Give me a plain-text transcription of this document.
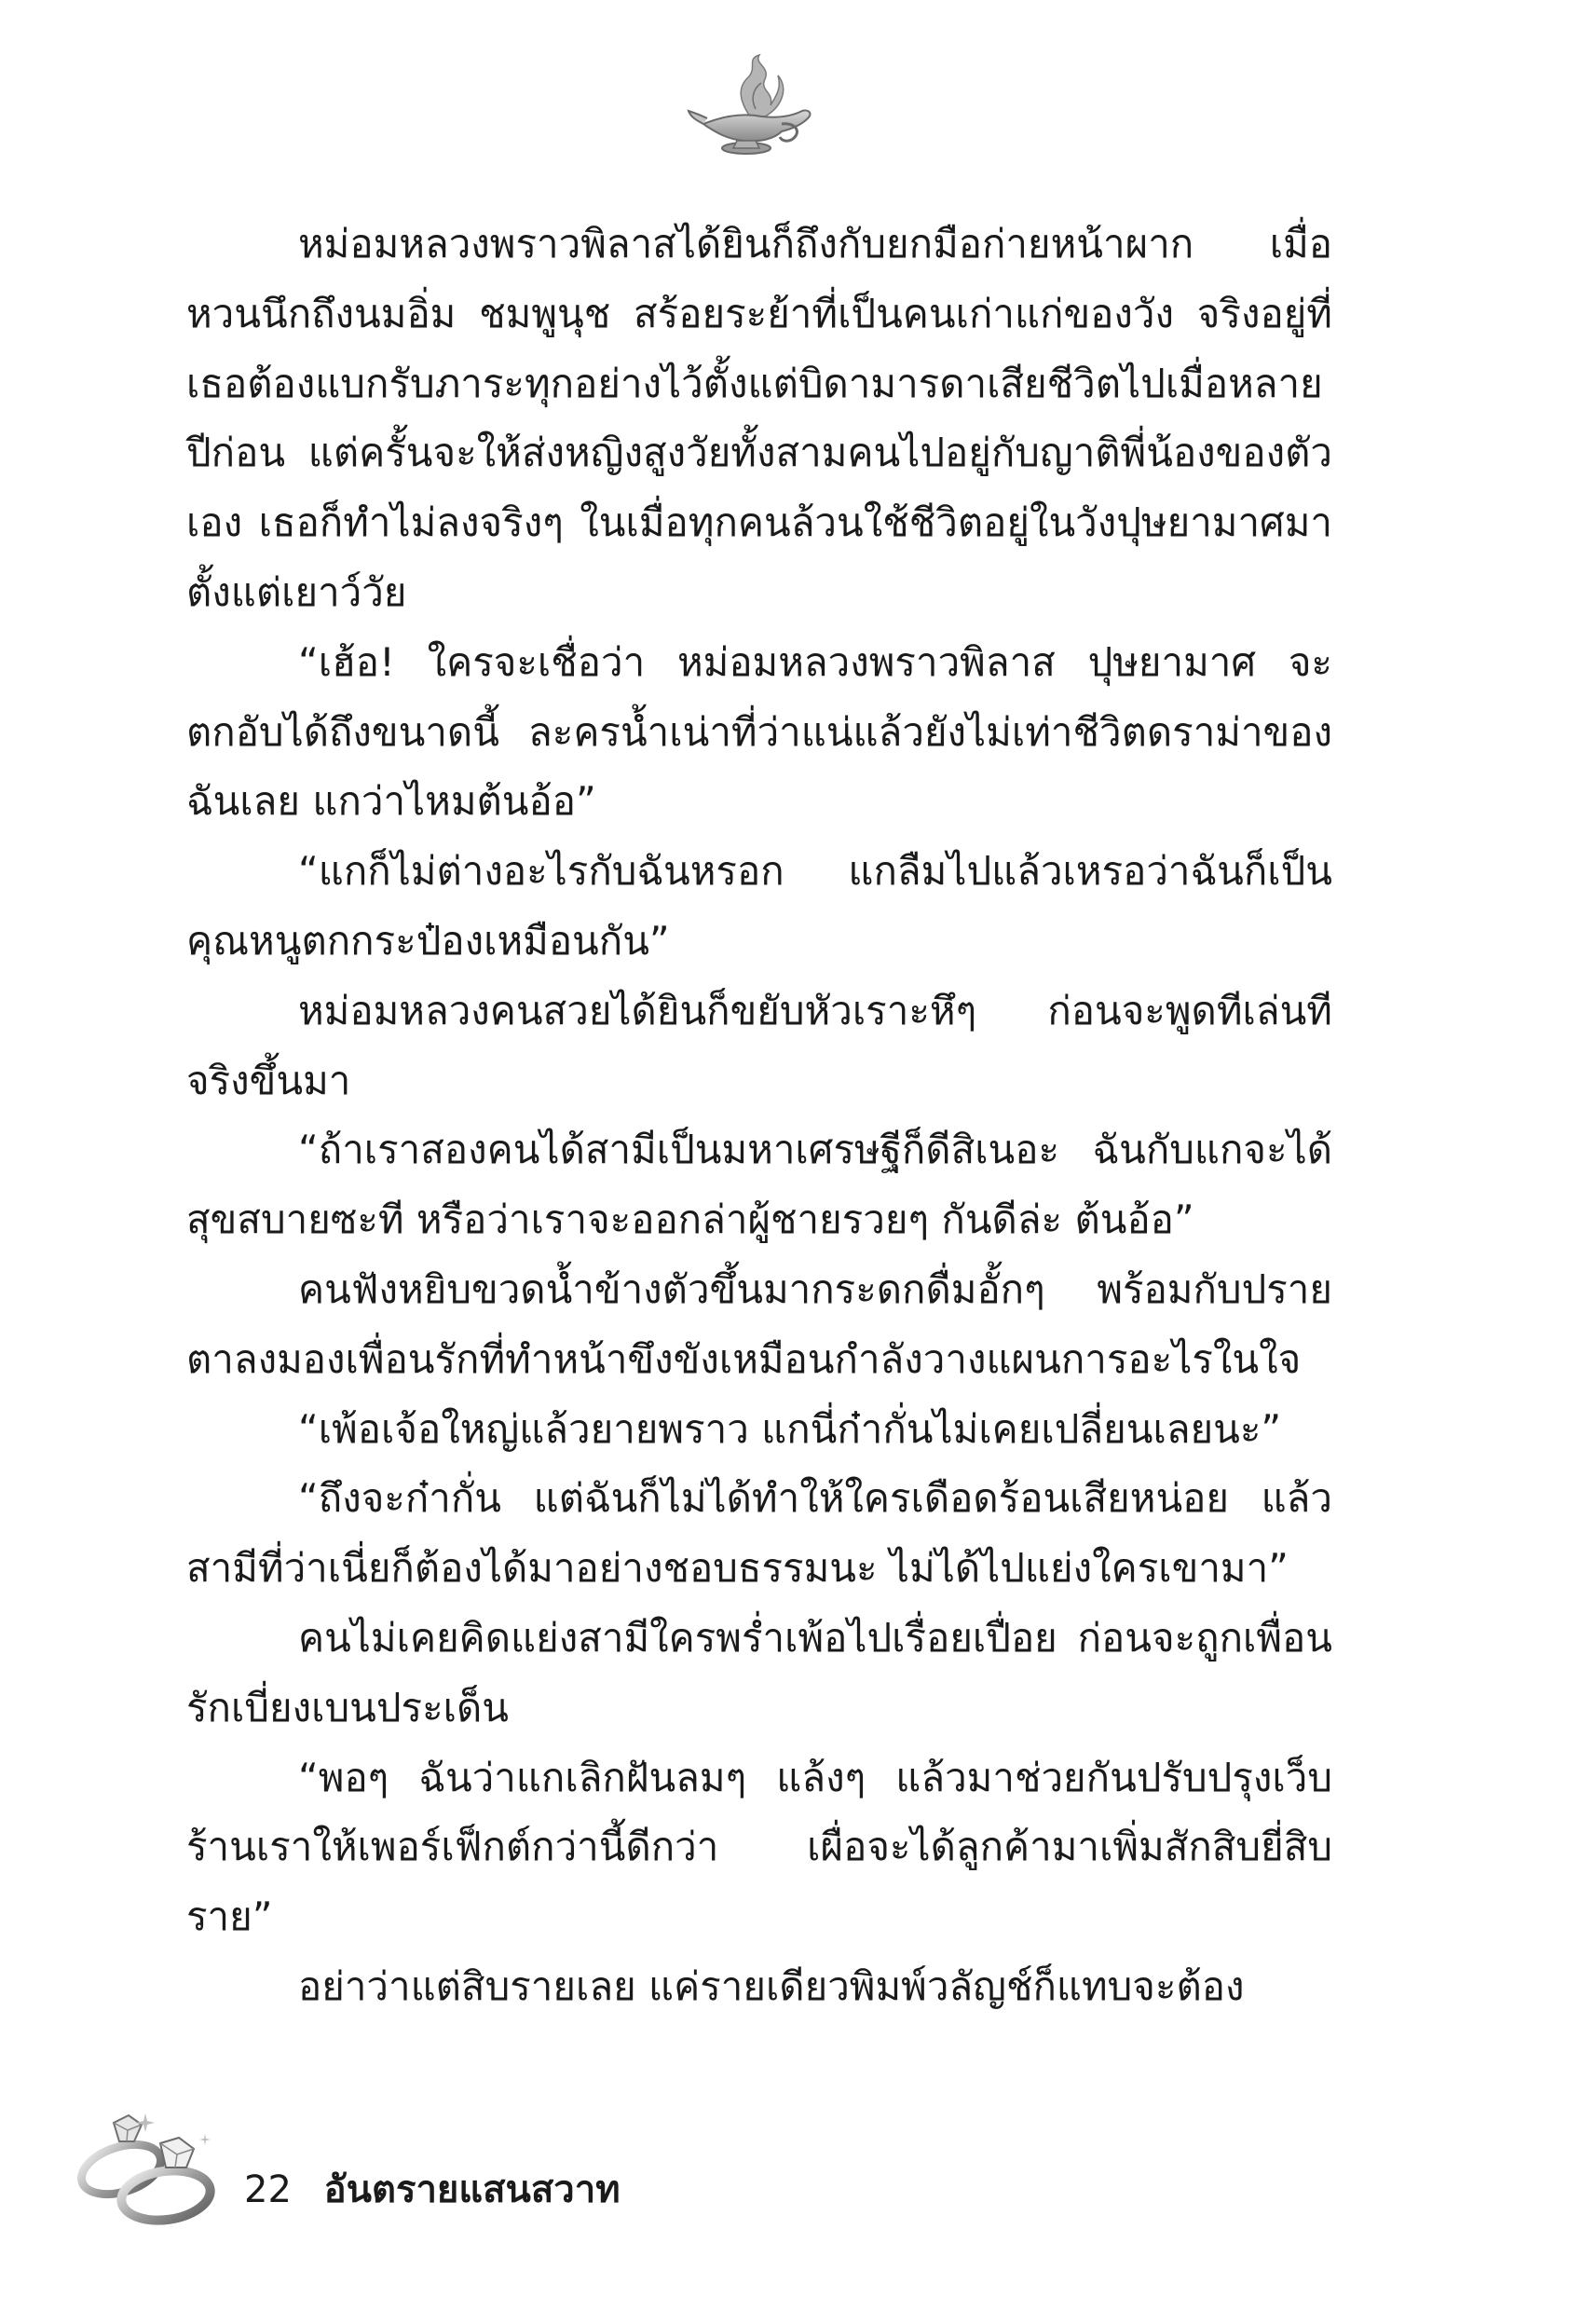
หม่อมหลวงพราวพิลาสได้ยินก็ถึงกับยกมือก่ายหน้าผาก เมื่อหวนนึกถึงนมอิ่ม ชมพูนุช สร้อยระย้าที่เป็นคนเก่าแก่ของวัง จริงอยู่ที่เธอต้องแบกรับภาระทุกอย่างไว้ตั้งแต่บิดามารดาเสียชีวิตไปเมื่อหลายปีก่อน แต่ครั้นจะให้ส่งหญิงสูงวัยทั้งสามคนไปอยู่กับญาติพี่น้องของตัวเอง เธอก็ทำไม่ลงจริงๆ ในเมื่อทุกคนล้วนใช้ชีวิตอยู่ในวังปุษยามาศมาตั้งแต่เยาว์วัย

“เฮ้อ! ใครจะเชื่อว่า หม่อมหลวงพราวพิลาส ปุษยามาศ จะตกอับได้ถึงขนาดนี้ ละครน้ำเน่าที่ว่าแน่แล้วยังไม่เท่าชีวิตดราม่าของฉันเลย แกว่าไหมต้นอ้อ”

“แกก็ไม่ต่างอะไรกับฉันหรอก แกลืมไปแล้วเหรอว่าฉันก็เป็นคุณหนูตกกระป๋องเหมือนกัน”

หม่อมหลวงคนสวยได้ยินก็ขยับหัวเราะหึๆ ก่อนจะพูดทีเล่นทีจริงขึ้นมา

“ถ้าเราสองคนได้สามีเป็นมหาเศรษฐีก็ดีสิเนอะ ฉันกับแกจะได้สุขสบายซะที หรือว่าเราจะออกล่าผู้ชายรวยๆ กันดีล่ะ ต้นอ้อ”

คนฟังหยิบขวดน้ำข้างตัวขึ้นมากระดกดื่มอั้กๆ พร้อมกับปรายตาลงมองเพื่อนรักที่ทำหน้าขึงขังเหมือนกำลังวางแผนการอะไรในใจ

“เพ้อเจ้อใหญ่แล้วยายพราว แกนี่ก๋ากั่นไม่เคยเปลี่ยนเลยนะ”

“ถึงจะก๋ากั่น แต่ฉันก็ไม่ได้ทำให้ใครเดือดร้อนเสียหน่อย แล้วสามีที่ว่าเนี่ยก็ต้องได้มาอย่างชอบธรรมนะ ไม่ได้ไปแย่งใครเขามา”

คนไม่เคยคิดแย่งสามีใครพร่ำเพ้อไปเรื่อยเปื่อย ก่อนจะถูกเพื่อนรักเบี่ยงเบนประเด็น

“พอๆ ฉันว่าแกเลิกฝันลมๆ แล้งๆ แล้วมาช่วยกันปรับปรุงเว็บร้านเราให้เพอร์เฟ็กต์กว่านี้ดีกว่า เผื่อจะได้ลูกค้ามาเพิ่มสักสิบยี่สิบราย”

อย่าว่าแต่สิบรายเลย แค่รายเดียวพิมพ์วลัญช์ก็แทบจะต้อง

22 อันตรายแสนสวาท
